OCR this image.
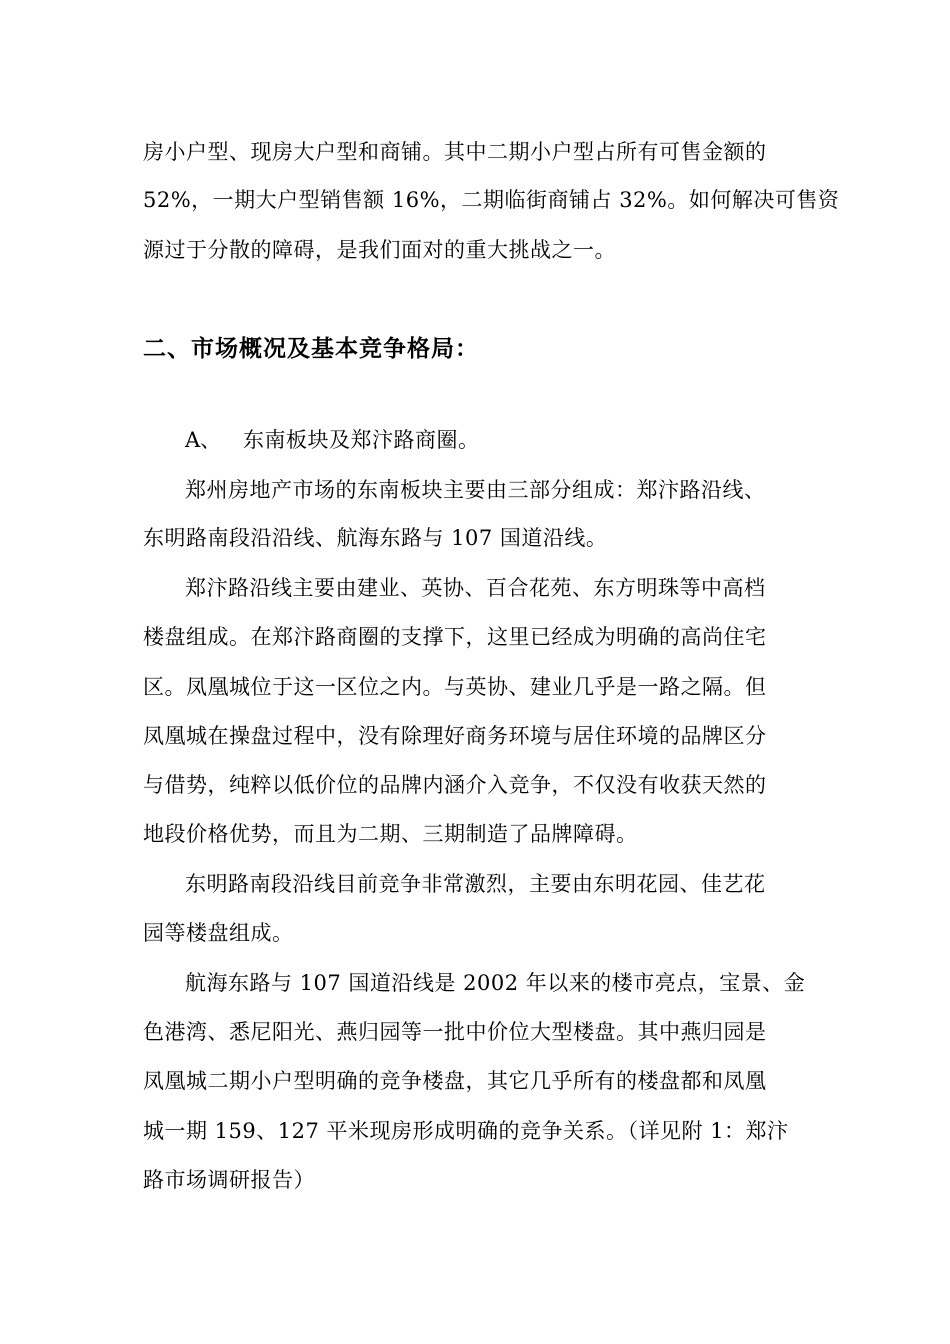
房小户型、现房大户型和商铺。其中二期小户型占所有可售金额的
52%，一期大户型销售额 16%，二期临街商铺占 32%。如何解决可售资
源过于分散的障碍，是我们面对的重大挑战之一。
二、市场概况及基本竞争格局：
A、 东南板块及郑汴路商圈。
郑州房地产市场的东南板块主要由三部分组成：郑汴路沿线、
东明路南段沿沿线、航海东路与 107 国道沿线。
郑汴路沿线主要由建业、英协、百合花苑、东方明珠等中高档
楼盘组成。在郑汴路商圈的支撑下，这里已经成为明确的高尚住宅
区。凤凰城位于这一区位之内。与英协、建业几乎是一路之隔。但
凤凰城在操盘过程中，没有除理好商务环境与居住环境的品牌区分
与借势，纯粹以低价位的品牌内涵介入竞争，不仅没有收获天然的
地段价格优势，而且为二期、三期制造了品牌障碍。
东明路南段沿线目前竞争非常激烈，主要由东明花园、佳艺花
园等楼盘组成。
航海东路与 107 国道沿线是 2002 年以来的楼市亮点，宝景、金
色港湾、悉尼阳光、燕归园等一批中价位大型楼盘。其中燕归园是
凤凰城二期小户型明确的竞争楼盘，其它几乎所有的楼盘都和凤凰
城一期 159、127 平米现房形成明确的竞争关系。（详见附 1：郑汴
路市场调研报告）
